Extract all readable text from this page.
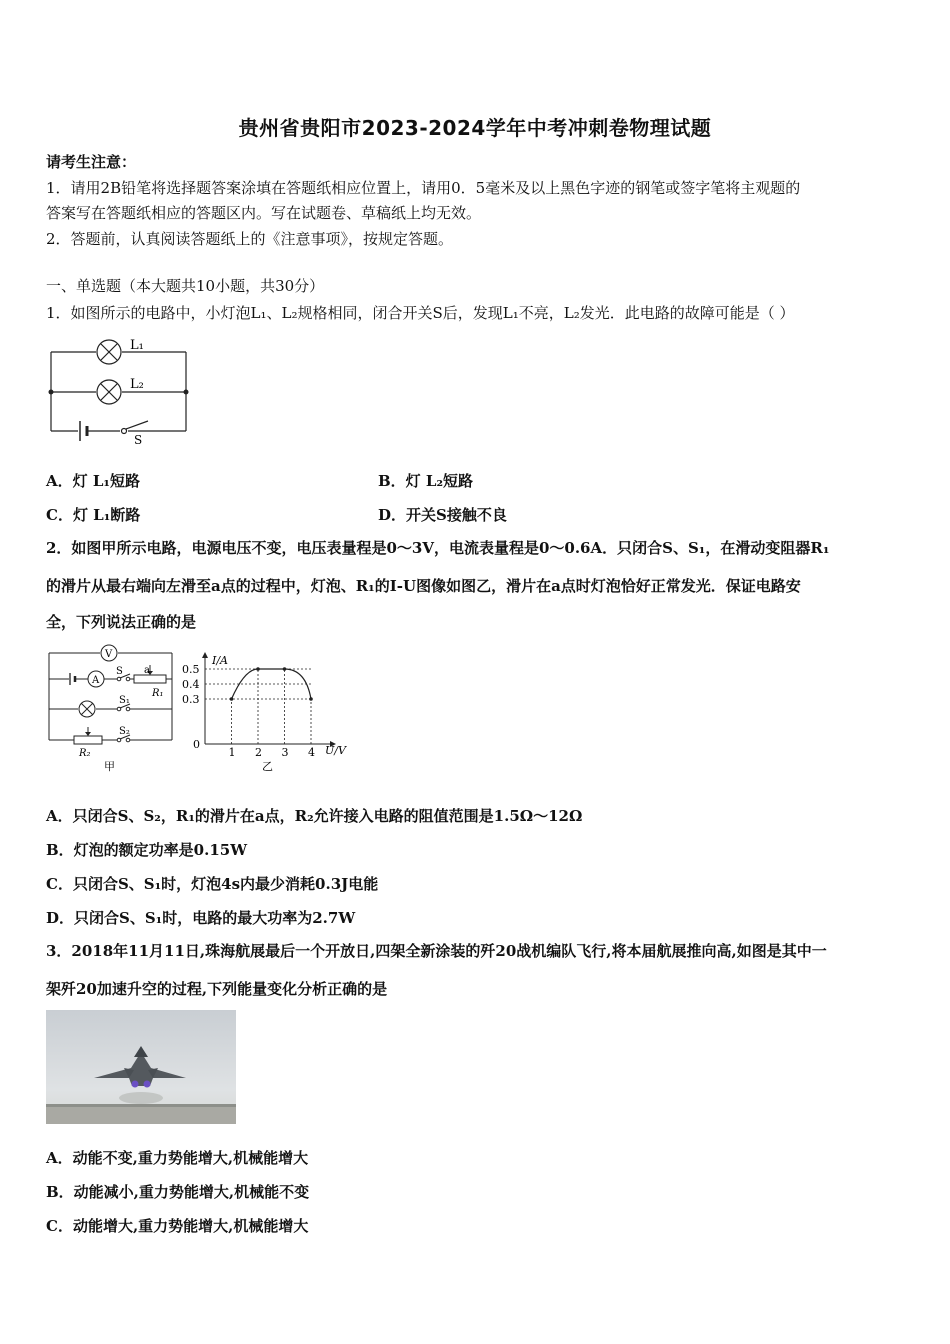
贵州省贵阳市2023-2024学年中考冲刺卷物理试题
请考生注意：
1．请用2B铅笔将选择题答案涂填在答题纸相应位置上，请用0．5毫米及以上黑色字迹的钢笔或签字笔将主观题的
答案写在答题纸相应的答题区内。写在试题卷、草稿纸上均无效。
2．答题前，认真阅读答题纸上的《注意事项》，按规定答题。
一、单选题（本大题共10小题，共30分）
1．如图所示的电路中，小灯泡L₁、L₂规格相同，闭合开关S后，发现L₁不亮，L₂发光．此电路的故障可能是（ ）
L₁
L₂
S
A．灯 L₁短路	B．灯 L₂短路
C．灯 L₁断路	D．开关S接触不良
2．如图甲所示电路，电源电压不变，电压表量程是0～3V，电流表量程是0～0.6A．只闭合S、S₁，在滑动变阻器R₁
的滑片从最右端向左滑至a点的过程中，灯泡、R₁的I-U图像如图乙，滑片在a点时灯泡恰好正常发光．保证电路安
全，下列说法正确的是
V
A
S a
R₁
S₁
S₂
R₂
甲
0.5
0.4
0.3
1 2 3 4
I/A
U/V
0
乙
A．只闭合S、S₂，R₁的滑片在a点，R₂允许接入电路的阻值范围是1.5Ω～12Ω
B．灯泡的额定功率是0.15W
C．只闭合S、S₁时，灯泡4s内最少消耗0.3J电能
D．只闭合S、S₁时，电路的最大功率为2.7W
3．2018年11月11日,珠海航展最后一个开放日,四架全新涂装的歼20战机编队飞行,将本届航展推向高,如图是其中一
架歼20加速升空的过程,下列能量变化分析正确的是
A．动能不变,重力势能增大,机械能增大
B．动能减小,重力势能增大,机械能不变
C．动能增大,重力势能增大,机械能增大
